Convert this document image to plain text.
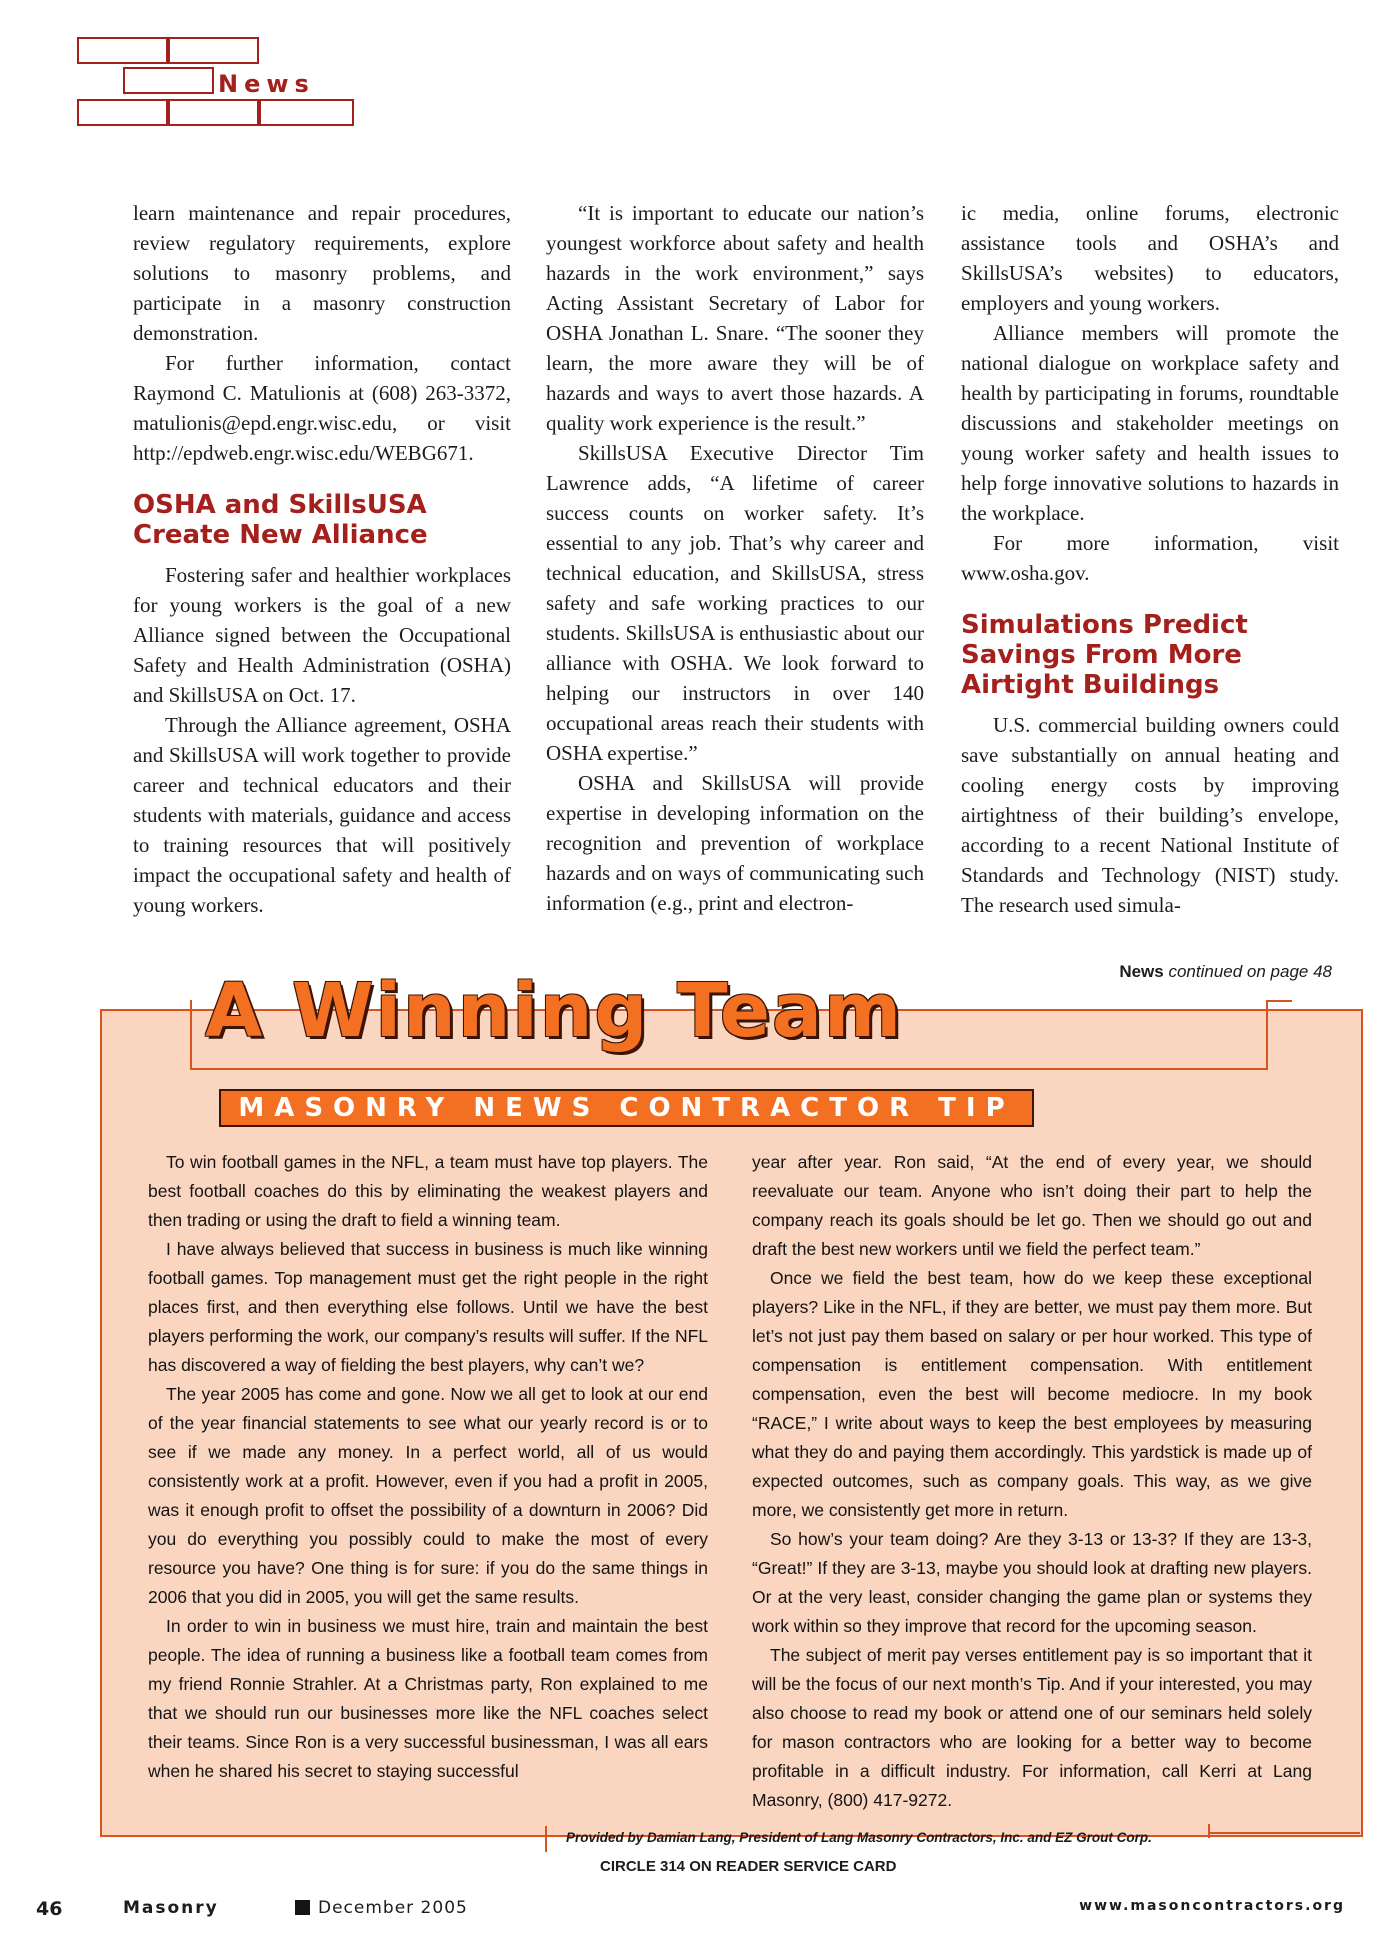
News

learn maintenance and repair procedures, review regulatory requirements, explore solutions to masonry problems, and participate in a masonry construction demonstration.

For further information, contact Raymond C. Matulionis at (608) 263-3372, matulionis@epd.engr.wisc.edu, or visit http://epdweb.engr.wisc.edu/WEBG671.

OSHA and SkillsUSA Create New Alliance

Fostering safer and healthier workplaces for young workers is the goal of a new Alliance signed between the Occupational Safety and Health Administration (OSHA) and SkillsUSA on Oct. 17.

Through the Alliance agreement, OSHA and SkillsUSA will work together to provide career and technical educators and their students with materials, guidance and access to training resources that will positively impact the occupational safety and health of young workers.

“It is important to educate our nation’s youngest workforce about safety and health hazards in the work environment,” says Acting Assistant Secretary of Labor for OSHA Jonathan L. Snare. “The sooner they learn, the more aware they will be of hazards and ways to avert those hazards. A quality work experience is the result.”

SkillsUSA Executive Director Tim Lawrence adds, “A lifetime of career success counts on worker safety. It’s essential to any job. That’s why career and technical education, and SkillsUSA, stress safety and safe working practices to our students. SkillsUSA is enthusiastic about our alliance with OSHA. We look forward to helping our instructors in over 140 occupational areas reach their students with OSHA expertise.”

OSHA and SkillsUSA will provide expertise in developing information on the recognition and prevention of workplace hazards and on ways of communicating such information (e.g., print and electron-

ic media, online forums, electronic assistance tools and OSHA’s and SkillsUSA’s websites) to educators, employers and young workers.

Alliance members will promote the national dialogue on workplace safety and health by participating in forums, roundtable discussions and stakeholder meetings on young worker safety and health issues to help forge innovative solutions to hazards in the workplace.

For more information, visit www.osha.gov.

Simulations Predict Savings From More Airtight Buildings

U.S. commercial building owners could save substantially on annual heating and cooling energy costs by improving airtightness of their building’s envelope, according to a recent National Institute of Standards and Technology (NIST) study. The research used simula-

News continued on page 48
A Winning Team
MASONRY NEWS CONTRACTOR TIP

To win football games in the NFL, a team must have top players. The best football coaches do this by eliminating the weakest players and then trading or using the draft to field a winning team.

I have always believed that success in business is much like winning football games. Top management must get the right people in the right places first, and then everything else follows. Until we have the best players performing the work, our company’s results will suffer. If the NFL has discovered a way of fielding the best players, why can’t we?

The year 2005 has come and gone. Now we all get to look at our end of the year financial statements to see what our yearly record is or to see if we made any money. In a perfect world, all of us would consistently work at a profit. However, even if you had a profit in 2005, was it enough profit to offset the possibility of a downturn in 2006? Did you do everything you possibly could to make the most of every resource you have? One thing is for sure: if you do the same things in 2006 that you did in 2005, you will get the same results.

In order to win in business we must hire, train and maintain the best people. The idea of running a business like a football team comes from my friend Ronnie Strahler. At a Christmas party, Ron explained to me that we should run our businesses more like the NFL coaches select their teams. Since Ron is a very successful businessman, I was all ears when he shared his secret to staying successful

year after year. Ron said, “At the end of every year, we should reevaluate our team. Anyone who isn’t doing their part to help the company reach its goals should be let go. Then we should go out and draft the best new workers until we field the perfect team.”

Once we field the best team, how do we keep these exceptional players? Like in the NFL, if they are better, we must pay them more. But let’s not just pay them based on salary or per hour worked. This type of compensation is entitlement compensation. With entitlement compensation, even the best will become mediocre. In my book “RACE,” I write about ways to keep the best employees by measuring what they do and paying them accordingly. This yardstick is made up of expected outcomes, such as company goals. This way, as we give more, we consistently get more in return.

So how’s your team doing? Are they 3-13 or 13-3? If they are 13-3, “Great!” If they are 3-13, maybe you should look at drafting new players. Or at the very least, consider changing the game plan or systems they work within so they improve that record for the upcoming season.

The subject of merit pay verses entitlement pay is so important that it will be the focus of our next month’s Tip. And if your interested, you may also choose to read my book or attend one of our seminars held solely for mason contractors who are looking for a better way to become profitable in a difficult industry. For information, call Kerri at Lang Masonry, (800) 417-9272.

Provided by Damian Lang, President of Lang Masonry Contractors, Inc. and EZ Grout Corp.
CIRCLE 314 ON READER SERVICE CARD
46	Masonry	December 2005	www.masoncontractors.org
